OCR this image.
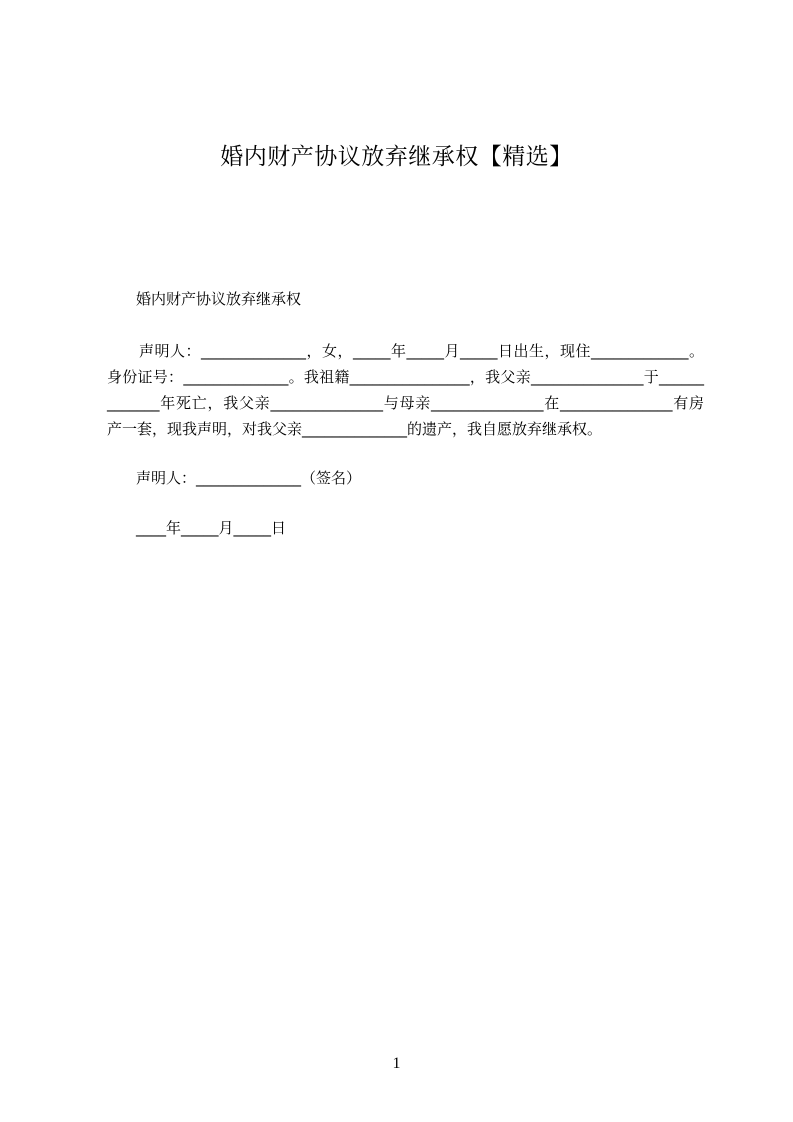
婚内财产协议放弃继承权【精选】
婚内财产协议放弃继承权
声明人：______________，女，_____年_____月_____日出生，现住_____________。身份证号：______________。我祖籍________________，我父亲_______________于_____________年死亡，我父亲_______________与母亲_______________在_______________有房产一套，现我声明，对我父亲______________的遗产，我自愿放弃继承权。
声明人：______________（签名）
____年_____月_____日
1
